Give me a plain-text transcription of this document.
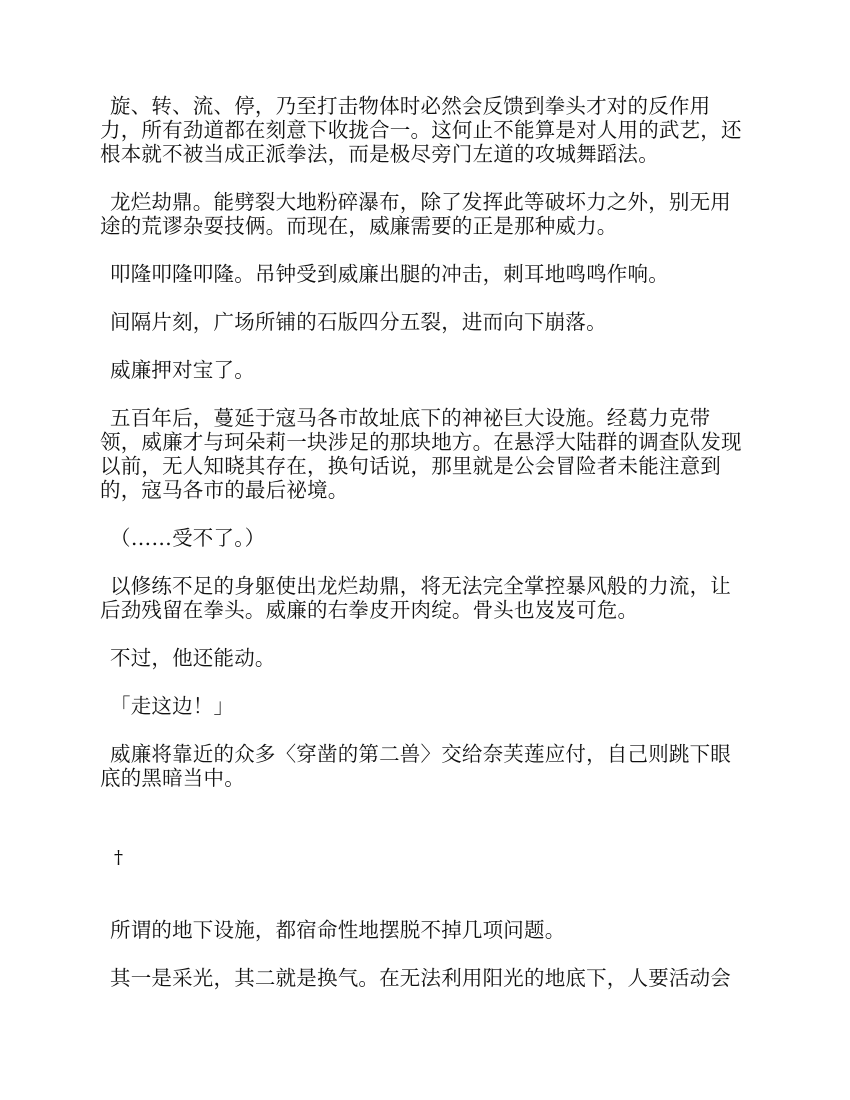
旋、转、流、停，乃至打击物体时必然会反馈到拳头才对的反作用力，所有劲道都在刻意下收拢合一。这何止不能算是对人用的武艺，还根本就不被当成正派拳法，而是极尽旁门左道的攻城舞蹈法。

龙烂劫鼎。能劈裂大地粉碎瀑布，除了发挥此等破坏力之外，别无用途的荒谬杂耍技俩。而现在，威廉需要的正是那种威力。

叩隆叩隆叩隆。吊钟受到威廉出腿的冲击，刺耳地鸣鸣作响。

间隔片刻，广场所铺的石版四分五裂，进而向下崩落。

威廉押对宝了。

五百年后，蔓延于寇马各市故址底下的神祕巨大设施。经葛力克带领，威廉才与珂朵莉一块涉足的那块地方。在悬浮大陆群的调查队发现以前，无人知晓其存在，换句话说，那里就是公会冒险者未能注意到的，寇马各市的最后祕境。

（……受不了。）

以修练不足的身躯使出龙烂劫鼎，将无法完全掌控暴风般的力流，让后劲残留在拳头。威廉的右拳皮开肉绽。骨头也岌岌可危。

不过，他还能动。

「走这边！」

威廉将靠近的众多〈穿凿的第二兽〉交给奈芙莲应付，自己则跳下眼底的黑暗当中。

†

所谓的地下设施，都宿命性地摆脱不掉几项问题。

其一是采光，其二就是换气。在无法利用阳光的地底下，人要活动会
